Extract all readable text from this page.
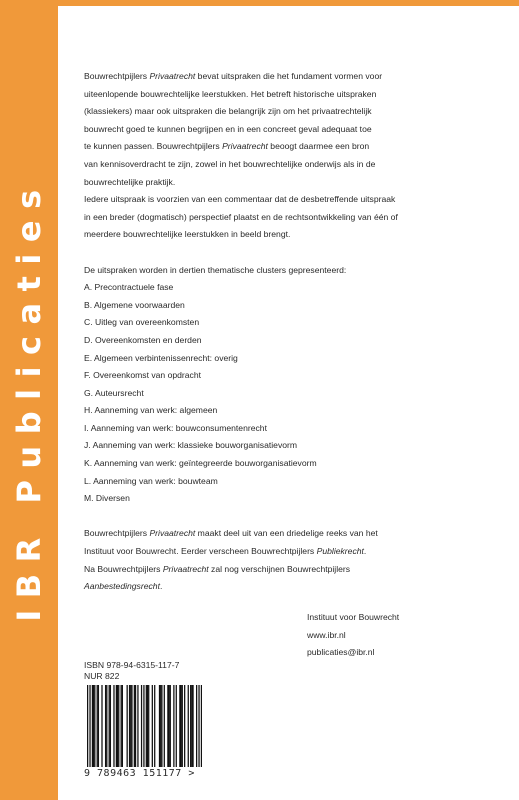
IBR Publicaties

Bouwrechtpijlers Privaatrecht bevat uitspraken die het fundament vormen voor
uiteenlopende bouwrechtelijke leerstukken. Het betreft historische uitspraken
(klassiekers) maar ook uitspraken die belangrijk zijn om het privaatrechtelijk
bouwrecht goed te kunnen begrijpen en in een concreet geval adequaat toe
te kunnen passen. Bouwrechtpijlers Privaatrecht beoogt daarmee een bron
van kennisoverdracht te zijn, zowel in het bouwrechtelijke onderwijs als in de
bouwrechtelijke praktijk.
Iedere uitspraak is voorzien van een commentaar dat de desbetreffende uitspraak
in een breder (dogmatisch) perspectief plaatst en de rechtsontwikkeling van één of
meerdere bouwrechtelijke leerstukken in beeld brengt.

De uitspraken worden in dertien thematische clusters gepresenteerd:

A. Precontractuele fase
B. Algemene voorwaarden
C. Uitleg van overeenkomsten
D. Overeenkomsten en derden
E. Algemeen verbintenissenrecht: overig
F. Overeenkomst van opdracht
G. Auteursrecht
H. Aanneming van werk: algemeen
I. Aanneming van werk: bouwconsumentenrecht
J. Aanneming van werk: klassieke bouworganisatievorm
K. Aanneming van werk: geïntegreerde bouworganisatievorm
L. Aanneming van werk: bouwteam
M. Diversen

Bouwrechtpijlers Privaatrecht maakt deel uit van een driedelige reeks van het
Instituut voor Bouwrecht. Eerder verscheen Bouwrechtpijlers Publiekrecht.
Na Bouwrechtpijlers Privaatrecht zal nog verschijnen Bouwrechtpijlers
Aanbestedingsrecht.

Instituut voor Bouwrecht
www.ibr.nl
publicaties@ibr.nl
ISBN 978-94-6315-117-7
NUR 822
9 789463 151177 >
